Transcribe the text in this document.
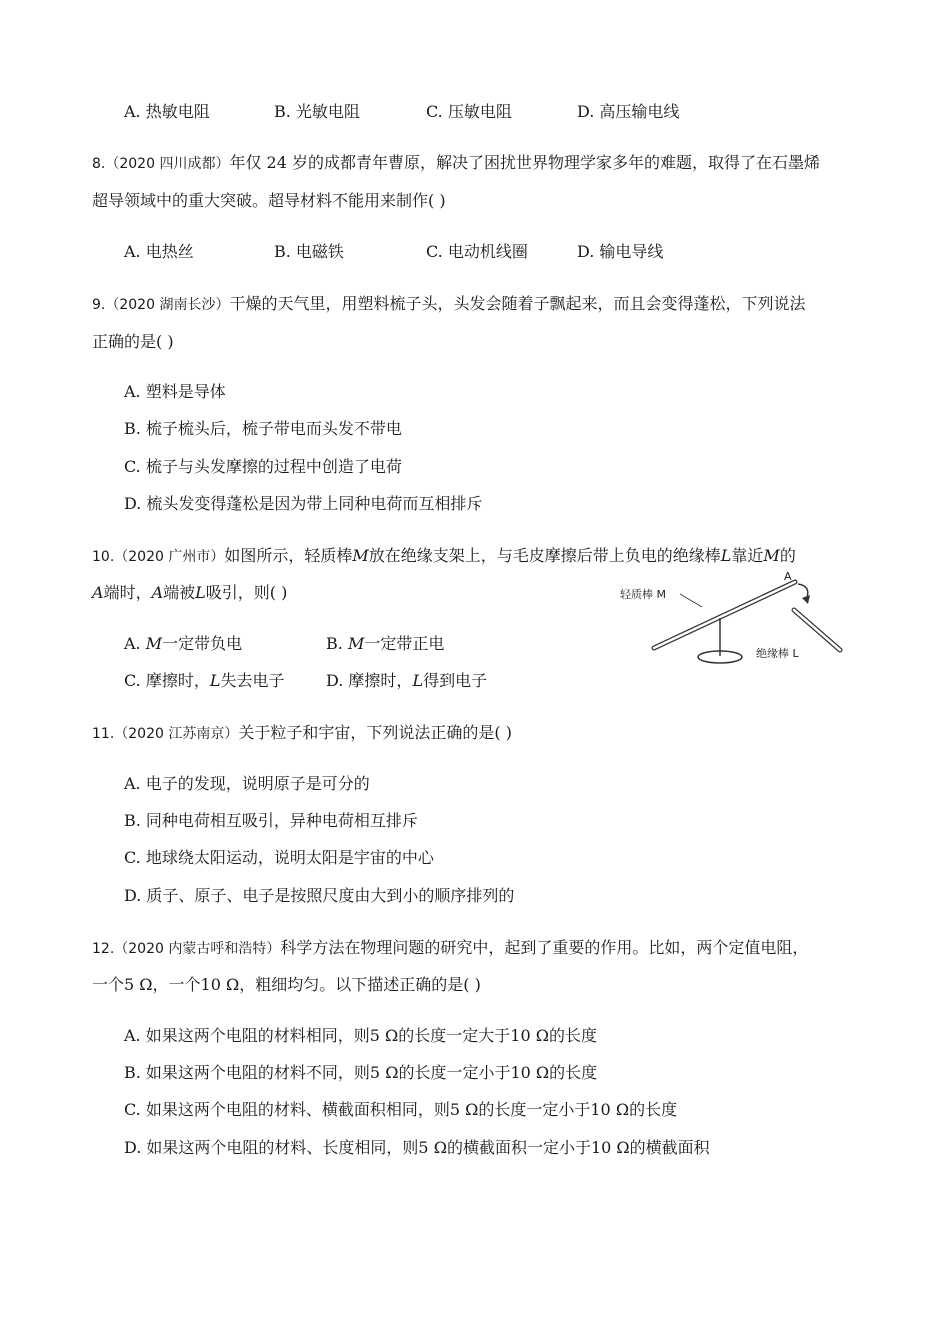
A. 热敏电阻	B. 光敏电阻	C. 压敏电阻	D. 高压输电线
8.（2020 四川成都）年仅 24 岁的成都青年曹原，解决了困扰世界物理学家多年的难题，取得了在石墨烯
超导领域中的重大突破。超导材料不能用来制作( )
A. 电热丝	B. 电磁铁	C. 电动机线圈	D. 输电导线
9.（2020 湖南长沙）干燥的天气里，用塑料梳子头，头发会随着子飘起来，而且会变得蓬松，下列说法
正确的是( )
A. 塑料是导体
B. 梳子梳头后，梳子带电而头发不带电
C. 梳子与头发摩擦的过程中创造了电荷
D. 梳头发变得蓬松是因为带上同种电荷而互相排斥
10.（2020 广州市）如图所示，轻质棒M放在绝缘支架上，与毛皮摩擦后带上负电的绝缘棒L靠近M的
A端时，A端被L吸引，则( )
A. M一定带负电	B. M一定带正电
C. 摩擦时，L失去电子	D. 摩擦时，L得到电子
轻质棒 M
A
绝缘棒 L
11.（2020 江苏南京）关于粒子和宇宙，下列说法正确的是( )
A. 电子的发现，说明原子是可分的
B. 同种电荷相互吸引，异种电荷相互排斥
C. 地球绕太阳运动，说明太阳是宇宙的中心
D. 质子、原子、电子是按照尺度由大到小的顺序排列的
12.（2020 内蒙古呼和浩特）科学方法在物理问题的研究中，起到了重要的作用。比如，两个定值电阻，
一个5 Ω，一个10 Ω，粗细均匀。以下描述正确的是( )
A. 如果这两个电阻的材料相同，则5 Ω的长度一定大于10 Ω的长度
B. 如果这两个电阻的材料不同，则5 Ω的长度一定小于10 Ω的长度
C. 如果这两个电阻的材料、横截面积相同，则5 Ω的长度一定小于10 Ω的长度
D. 如果这两个电阻的材料、长度相同，则5 Ω的横截面积一定小于10 Ω的横截面积
